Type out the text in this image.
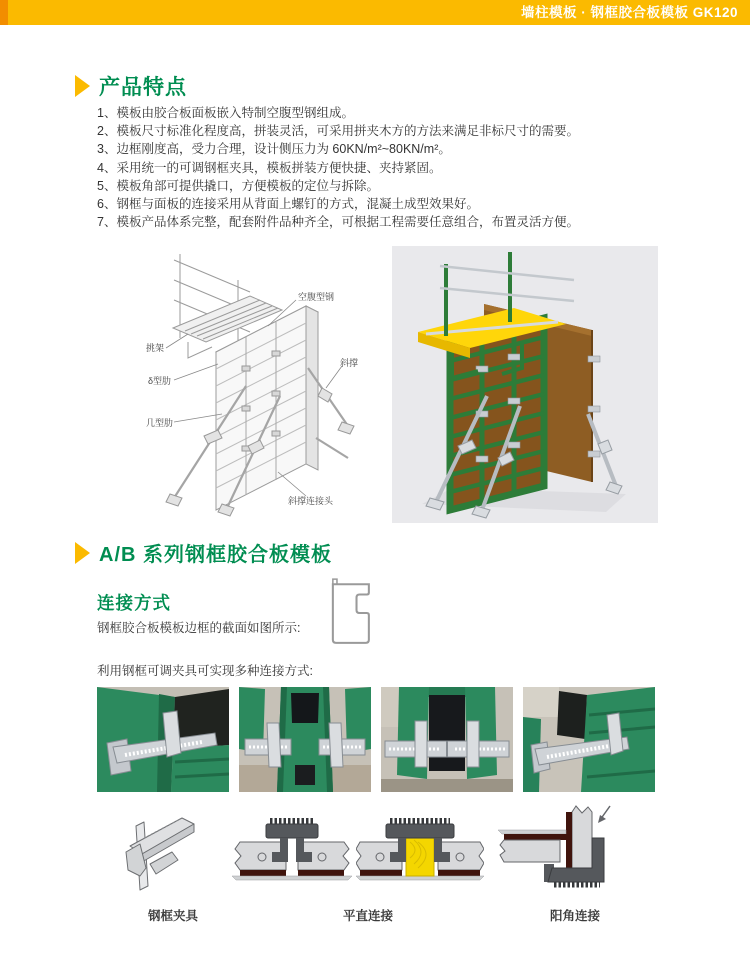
墙柱模板 · 钢框胶合板模板 GK120
产品特点
1、模板由胶合板面板嵌入特制空腹型钢组成。
2、模板尺寸标准化程度高，拼装灵活，可采用拼夹木方的方法来满足非标尺寸的需要。
3、边框刚度高，受力合理，设计侧压力为 60KN/m²~80KN/m²。
4、采用统一的可调钢框夹具，模板拼装方便快捷、夹持紧固。
5、模板角部可提供撬口，方便模板的定位与拆除。
6、钢框与面板的连接采用从背面上螺钉的方式，混凝土成型效果好。
7、模板产品体系完整，配套附件品种齐全，可根据工程需要任意组合，布置灵活方便。
空腹型钢
挑架
δ型肋
几型肋
斜撑
斜撑连接头
A/B 系列钢框胶合板模板
连接方式
钢框胶合板模板边框的截面如图所示:
利用钢框可调夹具可实现多种连接方式:
钢框夹具	平直连接	阳角连接
